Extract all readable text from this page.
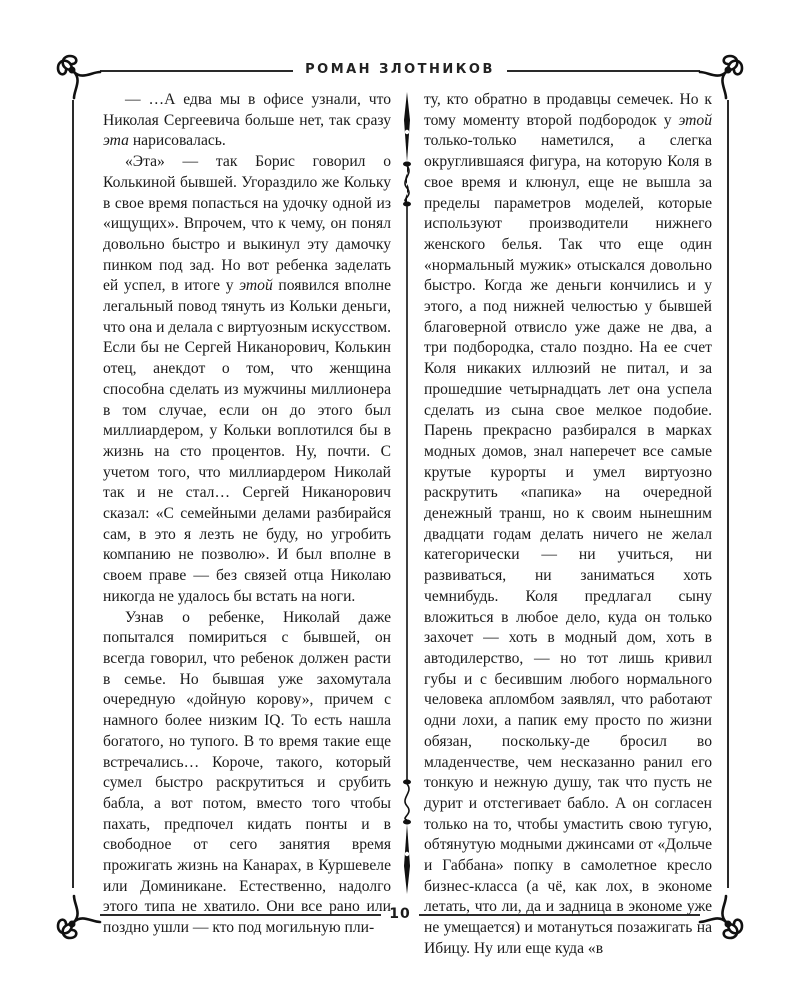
РОМАН ЗЛОТНИКОВ
10

— …А едва мы в офисе узнали, что Николая Сергеевича больше нет, так сразу эта нарисовалась.

«Эта» — так Борис говорил о Колькиной бывшей. Угораздило же Кольку в свое время попасться на удочку одной из «ищущих». Впрочем, что к чему, он понял довольно быстро и выкинул эту дамочку пинком под зад. Но вот ребенка заделать ей успел, в итоге у этой появился вполне легальный повод тянуть из Кольки деньги, что она и делала с виртуозным искусством. Если бы не Сергей Никанорович, Колькин отец, анекдот о том, что женщина способна сделать из мужчины миллионера в том случае, если он до этого был миллиардером, у Кольки воплотился бы в жизнь на сто процентов. Ну, почти. С учетом того, что миллиардером Николай так и не стал… Сергей Никанорович сказал: «С семейными делами разбирайся сам, в это я лезть не буду, но угробить компанию не позволю». И был вполне в своем праве — без связей отца Николаю никогда не удалось бы встать на ноги.

Узнав о ребенке, Николай даже попытался помириться с бывшей, он всегда говорил, что ребенок должен расти в семье. Но бывшая уже захомутала очередную «дойную корову», причем с намного более низким IQ. То есть нашла богатого, но тупого. В то время такие еще встречались… Короче, такого, который сумел быстро раскрутиться и срубить бабла, а вот потом, вместо того чтобы пахать, предпочел кидать понты и в свободное от сего занятия время прожигать жизнь на Канарах, в Куршевеле или Доминикане. Естественно, надолго этого типа не хватило. Они все рано или поздно ушли — кто под могильную пли-

ту, кто обратно в продавцы семечек. Но к тому моменту второй подбородок у этой только-только наметился, а слегка округлившаяся фигура, на которую Коля в свое время и клюнул, еще не вышла за пределы параметров моделей, которые используют производители нижнего женского белья. Так что еще один «нормальный мужик» отыскался довольно быстро. Когда же деньги кончились и у этого, а под нижней челюстью у бывшей благоверной отвисло уже даже не два, а три подбородка, стало поздно. На ее счет Коля никаких иллюзий не питал, и за прошедшие четырнадцать лет она успела сделать из сына свое мелкое подобие. Парень прекрасно разбирался в марках модных домов, знал наперечет все самые крутые курорты и умел виртуозно раскрутить «папика» на очередной денежный транш, но к своим нынешним двадцати годам делать ничего не желал категорически — ни учиться, ни развиваться, ни заниматься хоть чемнибудь. Коля предлагал сыну вложиться в любое дело, куда он только захочет — хоть в модный дом, хоть в автодилерство, — но тот лишь кривил губы и с бесившим любого нормального человека апломбом заявлял, что работают одни лохи, а папик ему просто по жизни обязан, поскольку-де бросил во младенчестве, чем несказанно ранил его тонкую и нежную душу, так что пусть не дурит и отстегивает бабло. А он согласен только на то, чтобы умастить свою тугую, обтянутую модными джинсами от «Дольче и Габбана» попку в самолетное кресло бизнес-класса (а чё, как лох, в экономе летать, что ли, да и задница в экономе уже не умещается) и мотануться позажигать на Ибицу. Ну или еще куда «в
